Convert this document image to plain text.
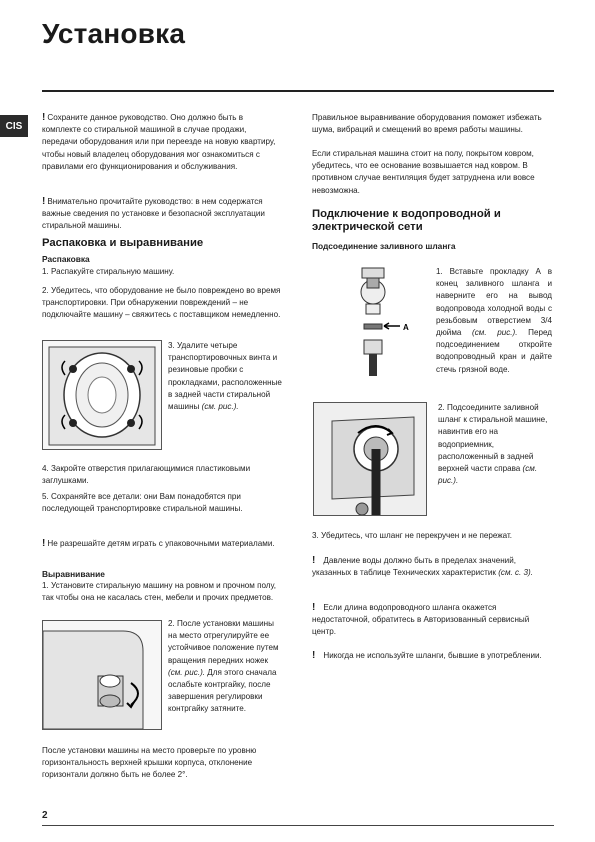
Установка
CIS
! Сохраните данное руководство. Оно должно быть в комплекте со стиральной машиной в случае продажи, передачи оборудования или при переезде на новую квартиру, чтобы новый владелец оборудования мог ознакомиться с правилами его функционирования и обслуживания.
! Внимательно прочитайте руководство: в нем содержатся важные сведения по установке и безопасной эксплуатации стиральной машины.
Распаковка и выравнивание
Распаковка
1. Распакуйте стиральную машину.
2. Убедитесь, что оборудование не было повреждено во время транспортировки. При обнаружении повреждений – не подключайте машину – свяжитесь с поставщиком немедленно.
3. Удалите четыре транспортировочных винта и резиновые пробки с прокладками, расположенные в задней части стиральной машины (см. рис.).
4. Закройте отверстия прилагающимися пластиковыми заглушками.
5. Сохраняйте все детали: они Вам понадобятся при последующей транспортировке стиральной машины.
! Не разрешайте детям играть с упаковочными материалами.
Выравнивание
1. Установите стиральную машину на ровном и прочном полу, так чтобы она не касалась стен, мебели и прочих предметов.
2. После установки машины на место отрегулируйте ее устойчивое положение путем вращения передних ножек (см. рис.). Для этого сначала ослабьте контргайку, после завершения регулировки контргайку затяните.
После установки машины на место проверьте по уровню горизонтальность верхней крышки корпуса, отклонение горизонтали должно быть не более 2°.
Правильное выравнивание оборудования поможет избежать шума, вибраций и смещений во время работы машины.
Если стиральная машина стоит на полу, покрытом ковром, убедитесь, что ее основание возвышается над ковром. В противном случае вентиляция будет затруднена или вовсе невозможна.
Подключение к водопроводной и электрической сети
Подсоединение заливного шланга
A
1. Вставьте прокладку А в конец заливного шланга и наверните его на вывод водопровода холодной воды с резьбовым отверстием 3/4 дюйма (см. рис.). Перед подсоединением откройте водопроводный кран и дайте стечь грязной воде.
2. Подсоедините заливной шланг к стиральной машине, навинтив его на водоприемник, расположенный в задней верхней части справа (см. рис.).
3. Убедитесь, что шланг не перекручен и не пережат.
! Давление воды должно быть в пределах значений, указанных в таблице Технических характеристик (см. с. 3).
! Если длина водопроводного шланга окажется недостаточной, обратитесь в Авторизованный сервисный центр.
! Никогда не используйте шланги, бывшие в употреблении.
2
